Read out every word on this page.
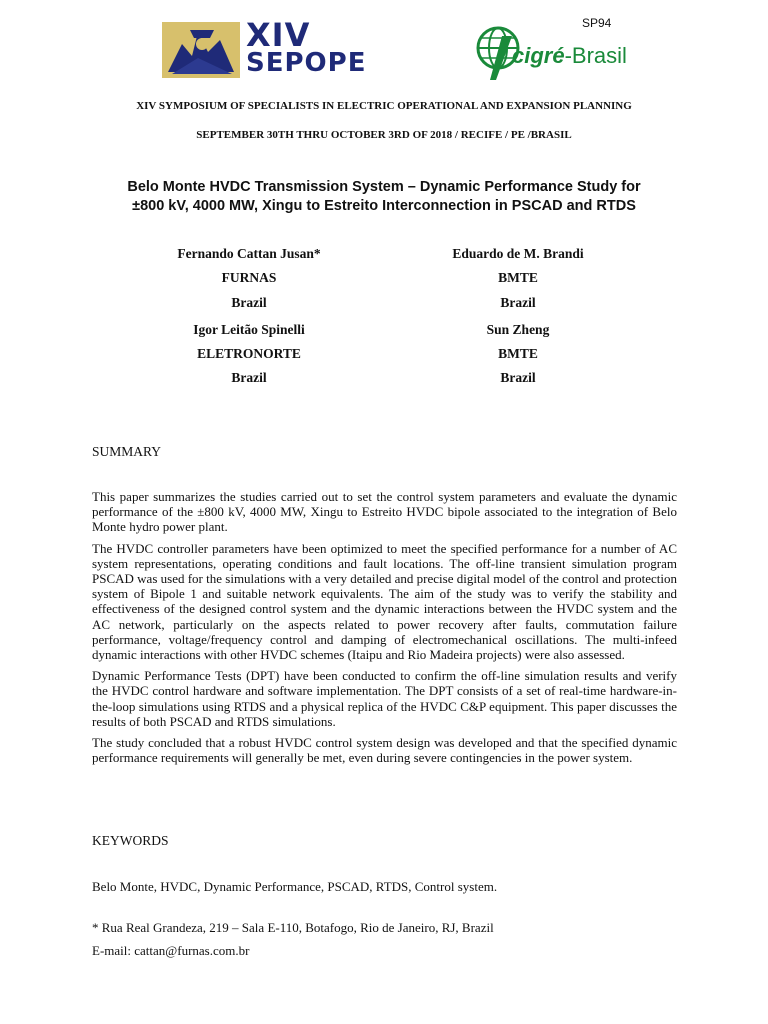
SP94
XIV
SEPOPE	cigré-Brasil
XIV SYMPOSIUM OF SPECIALISTS IN ELECTRIC OPERATIONAL AND EXPANSION PLANNING
SEPTEMBER 30TH THRU OCTOBER 3RD OF 2018 / RECIFE / PE /BRASIL
Belo Monte HVDC Transmission System – Dynamic Performance Study for
±800 kV, 4000 MW, Xingu to Estreito Interconnection in PSCAD and RTDS
Fernando Cattan Jusan*
FURNAS
Brazil
Eduardo de M. Brandi
BMTE
Brazil
Igor Leitão Spinelli
ELETRONORTE
Brazil
Sun Zheng
BMTE
Brazil
SUMMARY

This paper summarizes the studies carried out to set the control system parameters and evaluate the dynamic performance of the ±800 kV, 4000 MW, Xingu to Estreito HVDC bipole associated to the integration of Belo Monte hydro power plant.

The HVDC controller parameters have been optimized to meet the specified performance for a number of AC system representations, operating conditions and fault locations. The off-line transient simulation program PSCAD was used for the simulations with a very detailed and precise digital model of the control and protection system of Bipole 1 and suitable network equivalents. The aim of the study was to verify the stability and effectiveness of the designed control system and the dynamic interactions between the HVDC system and the AC network, particularly on the aspects related to power recovery after faults, commutation failure performance, voltage/frequency control and damping of electromechanical oscillations. The multi-infeed dynamic interactions with other HVDC schemes (Itaipu and Rio Madeira projects) were also assessed.

Dynamic Performance Tests (DPT) have been conducted to confirm the off-line simulation results and verify the HVDC control hardware and software implementation. The DPT consists of a set of real-time hardware-in-the-loop simulations using RTDS and a physical replica of the HVDC C&P equipment. This paper discusses the results of both PSCAD and RTDS simulations.

The study concluded that a robust HVDC control system design was developed and that the specified dynamic performance requirements will generally be met, even during severe contingencies in the power system.

KEYWORDS
Belo Monte, HVDC, Dynamic Performance, PSCAD, RTDS, Control system.
* Rua Real Grandeza, 219 – Sala E-110, Botafogo, Rio de Janeiro, RJ, Brazil
E-mail: cattan@furnas.com.br
